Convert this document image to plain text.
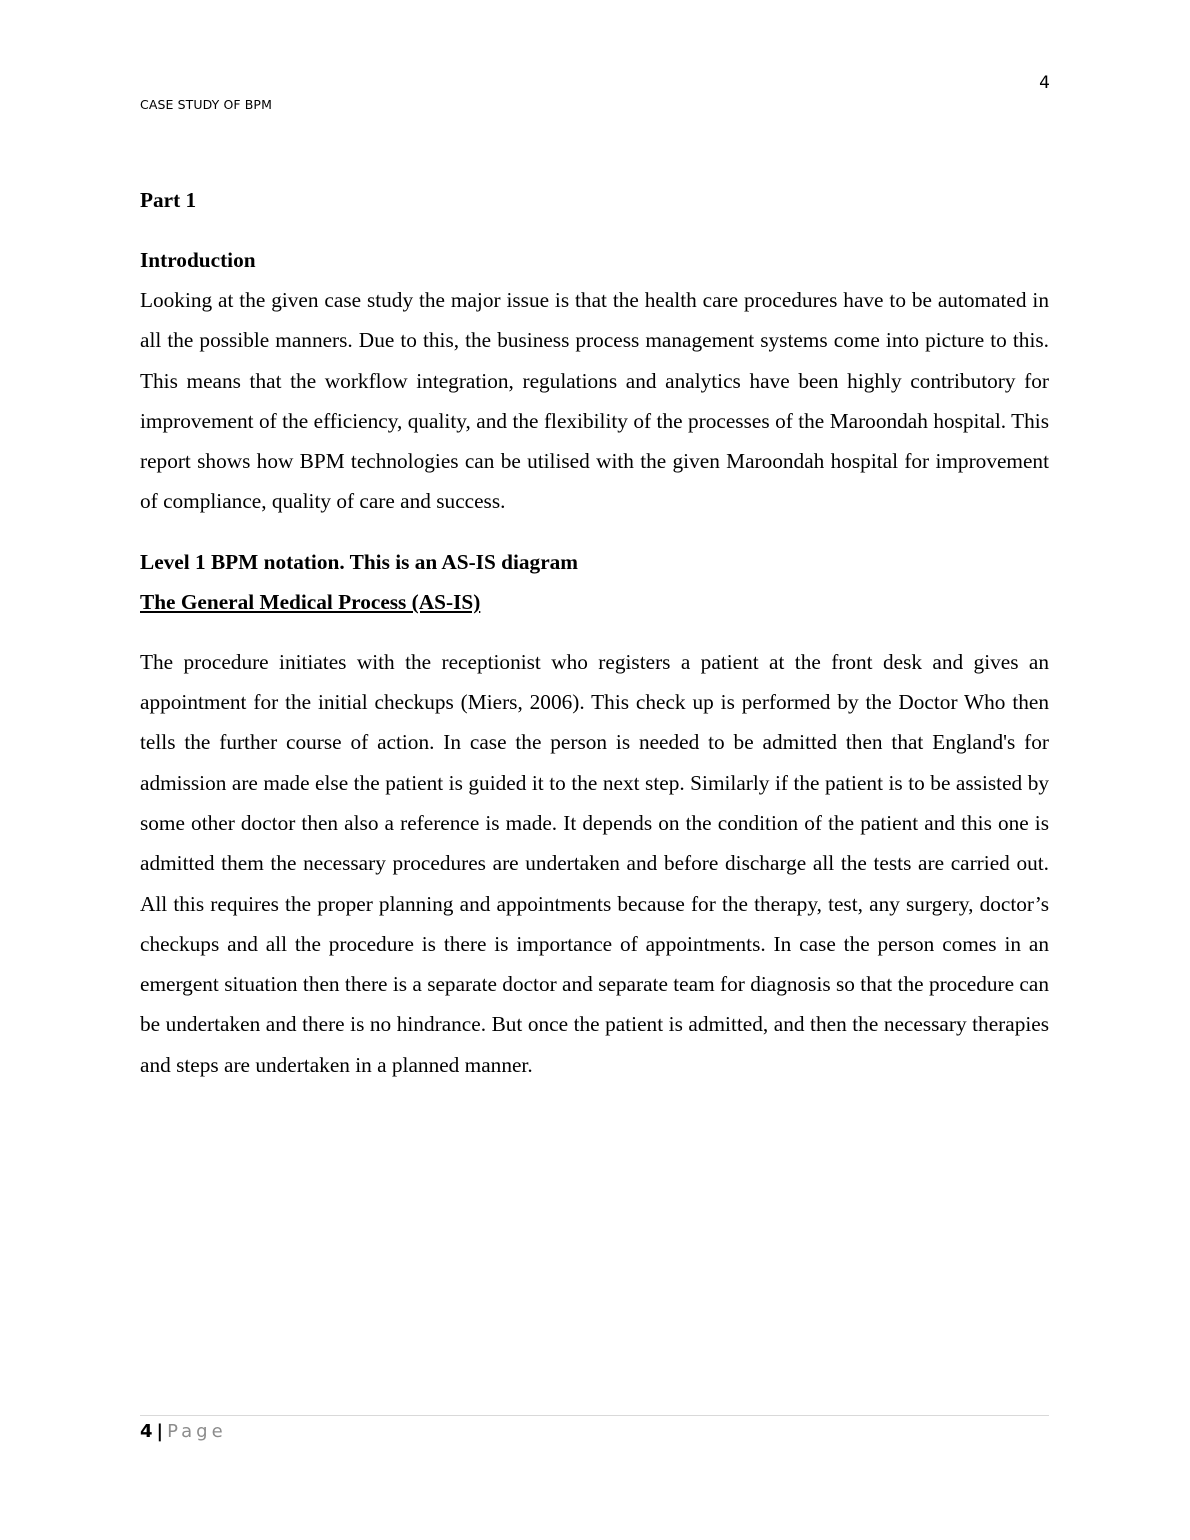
4
CASE STUDY OF BPM

Part 1

Introduction

Looking at the given case study the major issue is that the health care procedures have to be automated in all the possible manners. Due to this, the business process management systems come into picture to this. This means that the workflow integration, regulations and analytics have been highly contributory for improvement of the efficiency, quality, and the flexibility of the processes of the Maroondah hospital. This report shows how BPM technologies can be utilised with the given Maroondah hospital for improvement of compliance, quality of care and success.

Level 1 BPM notation. This is an AS-IS diagram

The General Medical Process (AS-IS)

The procedure initiates with the receptionist who registers a patient at the front desk and gives an appointment for the initial checkups (Miers, 2006). This check up is performed by the Doctor Who then tells the further course of action. In case the person is needed to be admitted then that England's for admission are made else the patient is guided it to the next step. Similarly if the patient is to be assisted by some other doctor then also a reference is made. It depends on the condition of the patient and this one is admitted them the necessary procedures are undertaken and before discharge all the tests are carried out. All this requires the proper planning and appointments because for the therapy, test, any surgery, doctor’s checkups and all the procedure is there is importance of appointments. In case the person comes in an emergent situation then there is a separate doctor and separate team for diagnosis so that the procedure can be undertaken and there is no hindrance. But once the patient is admitted, and then the necessary therapies and steps are undertaken in a planned manner.

4 | Page
